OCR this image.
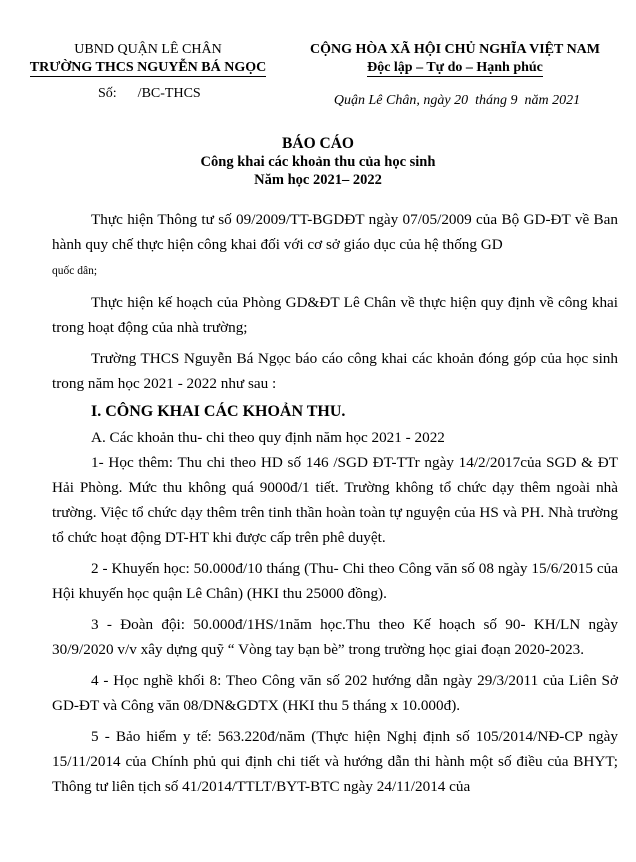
UBND QUẬN LÊ CHÂN
TRƯỜNG THCS NGUYỄN BÁ NGỌC
Số:      /BC-THCS
CỘNG HÒA XÃ HỘI CHỦ NGHĨA VIỆT NAM
Độc lập – Tự do – Hạnh phúc
Quận Lê Chân, ngày 20  tháng 9  năm 2021
BÁO CÁO
Công khai các khoản thu của học sinh
Năm học 2021– 2022

Thực hiện Thông tư số 09/2009/TT-BGDĐT ngày 07/05/2009 của Bộ GD-ĐT về Ban hành quy chế thực hiện công khai đối với cơ sở giáo dục của hệ thống GD
quốc dân;

Thực hiện kế hoạch của Phòng GD&ĐT Lê Chân về thực hiện quy định về công khai trong hoạt động của nhà trường;

Trường THCS Nguyễn Bá Ngọc báo cáo công khai các khoản đóng góp của học sinh trong năm học 2021 - 2022 như sau :

I. CÔNG KHAI CÁC KHOẢN THU.

A. Các khoản thu- chi theo quy định năm học 2021 - 2022

1- Học thêm: Thu chi theo HD số 146 /SGD ĐT-TTr ngày 14/2/2017của SGD & ĐT Hải Phòng. Mức thu không quá 9000đ/1 tiết. Trường không tổ chức dạy thêm ngoài nhà trường. Việc tổ chức dạy thêm trên tinh thần hoàn toàn tự nguyện của HS và PH. Nhà trường tổ chức hoạt động DT-HT khi được cấp trên phê duyệt.

2 - Khuyến học: 50.000đ/10 tháng (Thu- Chi theo Công văn số 08 ngày 15/6/2015 của Hội khuyến học quận Lê Chân) (HKI thu 25000 đồng).

3 - Đoàn đội: 50.000đ/1HS/1năm học.Thu theo Kế hoạch số 90- KH/LN ngày 30/9/2020 v/v xây dựng quỹ “ Vòng tay bạn bè” trong trường học giai đoạn 2020-2023.

4 - Học nghề khối 8: Theo Công văn số 202 hướng dẫn ngày 29/3/2011 của Liên Sở GD-ĐT và Công văn 08/DN&GDTX (HKI thu 5 tháng x 10.000đ).

5 - Bảo hiểm y tế: 563.220đ/năm (Thực hiện Nghị định số 105/2014/NĐ-CP ngày 15/11/2014 của Chính phủ qui định chi tiết và hướng dẫn thi hành một số điều của BHYT; Thông tư liên tịch số 41/2014/TTLT/BYT-BTC ngày 24/11/2014 của
